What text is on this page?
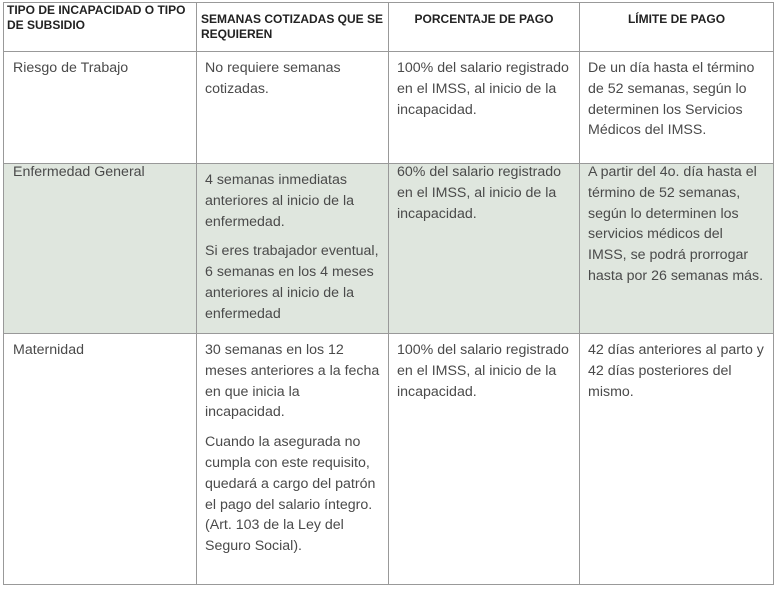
TIPO DE INCAPACIDAD O TIPO DE SUBSIDIO	SEMANAS COTIZADAS QUE SE REQUIEREN	PORCENTAJE DE PAGO	LÍMITE DE PAGO

Riesgo de Trabajo	No requiere semanas cotizadas.	100% del salario registrado en el IMSS, al inicio de la incapacidad.	De un día hasta el término de 52 semanas, según lo determinen los Servicios Médicos del IMSS.

Enfermedad General	4 semanas inmediatas anteriores al inicio de la enfermedad.
Si eres trabajador eventual, 6 semanas en los 4 meses anteriores al inicio de la enfermedad	60% del salario registrado en el IMSS, al inicio de la incapacidad.	A partir del 4o. día hasta el término de 52 semanas, según lo determinen los servicios médicos del IMSS, se podrá prorrogar hasta por 26 semanas más.

Maternidad	30 semanas en los 12 meses anteriores a la fecha en que inicia la incapacidad.
Cuando la asegurada no cumpla con este requisito, quedará a cargo del patrón el pago del salario íntegro. (Art. 103 de la Ley del Seguro Social).	100% del salario registrado en el IMSS, al inicio de la incapacidad.	42 días anteriores al parto y 42 días posteriores del mismo.
